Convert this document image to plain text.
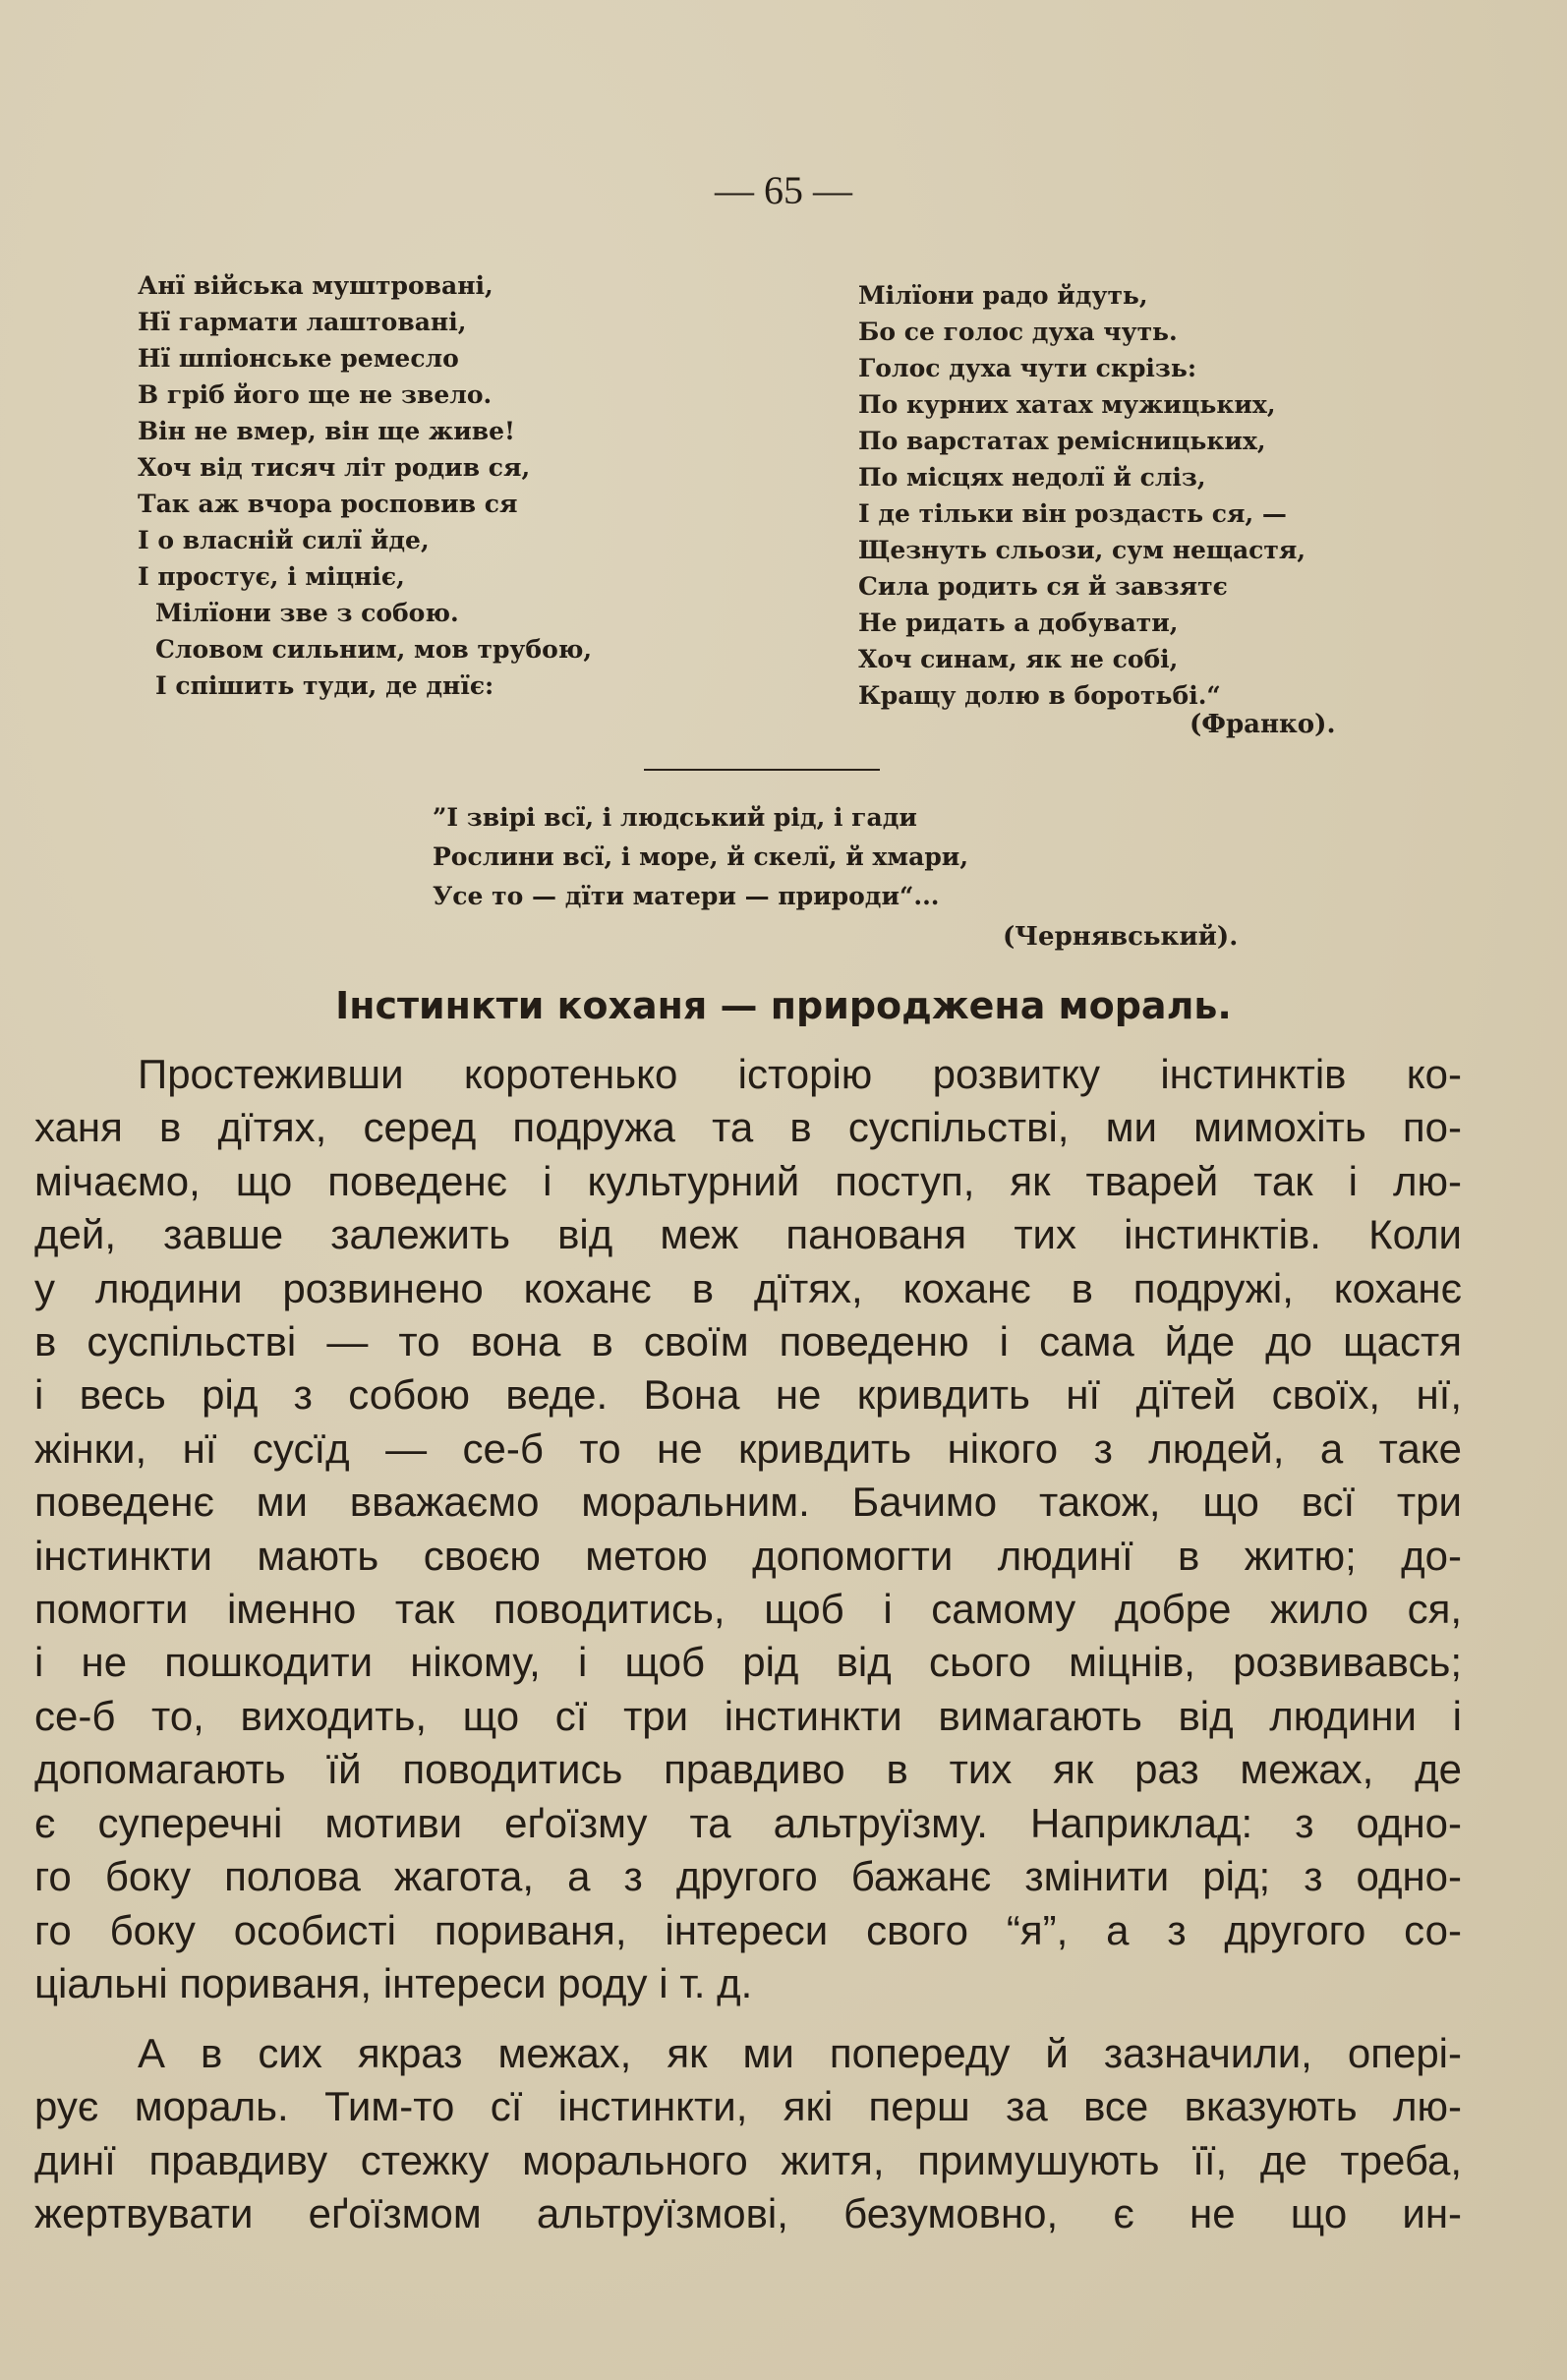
— 65 —
Анї війська муштровані,
Нї гармати лаштовані,
Нї шпіонське ремесло
В гріб його ще не звело.
Він не вмер, він ще живе!
Хоч від тисяч літ родив ся,
Так аж вчора росповив ся
І о власній силї йде,
І простує, і міцніє,
Мілїони зве з собою.
Словом сильним, мов трубою,
І спішить туди, де днїє:
Мілїони радо йдуть,
Бо се голос духа чуть.
Голос духа чути скрізь:
По курних хатах мужицьких,
По варстатах ремісницьких,
По місцях недолї й сліз,
І де тільки він роздасть ся, —
Щезнуть сльози, сум нещастя,
Сила родить ся й завзятє
Не ридать а добувати,
Хоч синам, як не собі,
Кращу долю в боротьбі.“
(Франко).
”І звірі всї, і людський рід, і гади
Рослини всї, і море, й скелї, й хмари,
Усе то — дїти матери — природи“...
(Чернявський).
Інстинкти коханя — природжена мораль.
Простеживши коротенько історію розвитку інстинктів ко-
ханя в дїтях, серед подружа та в суспільстві, ми мимохіть по-
мічаємо, що поведенє і культурний поступ, як тварей так і лю-
дей, завше залежить від меж панованя тих інстинктів. Коли
у людини розвинено коханє в дїтях, коханє в подружі, коханє
в суспільстві — то вона в своїм поведеню і сама йде до щастя
і весь рід з собою веде. Вона не кривдить нї дїтей своїх, нї,
жінки, нї сусїд — се-б то не кривдить нікого з людей, а таке
поведенє ми вважаємо моральним. Бачимо також, що всї три
інстинкти мають своєю метою допомогти людинї в житю; до-
помогти іменно так поводитись, щоб і самому добре жило ся,
і не пошкодити нікому, і щоб рід від сього міцнів, розвивавсь;
се-б то, виходить, що сї три інстинкти вимагають від людини і
допомагають їй поводитись правдиво в тих як раз межах, де
є суперечні мотиви еґоїзму та альтруїзму. Наприклад: з одно-
го боку полова жагота, а з другого бажанє змінити рід; з одно-
го боку особисті пориваня, інтереси свого “я”, а з другого со-
ціальні пориваня, інтереси роду і т. д.
А в сих якраз межах, як ми попереду й зазначили, опері-
рує мораль. Тим-то сї інстинкти, які перш за все вказують лю-
динї правдиву стежку морального житя, примушують її, де треба,
жертвувати еґоїзмом альтруїзмові, безумовно, є не що ин-
